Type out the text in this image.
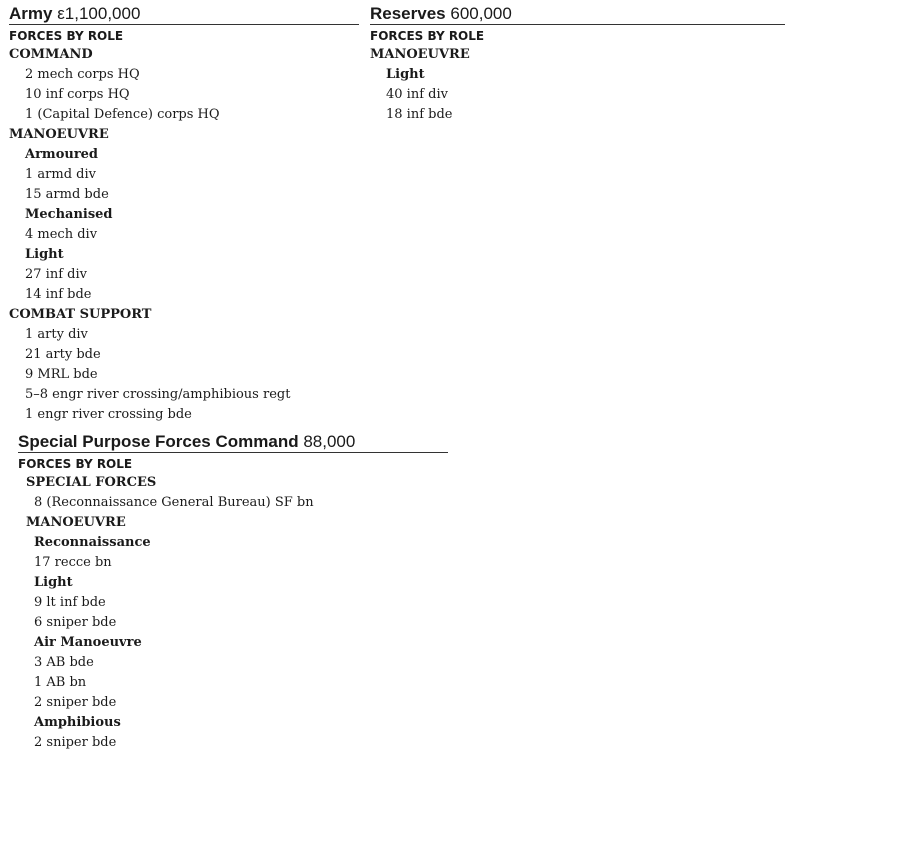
Army ε1,100,000
FORCES BY ROLE
COMMAND
2 mech corps HQ
10 inf corps HQ
1 (Capital Defence) corps HQ
MANOEUVRE
Armoured
1 armd div
15 armd bde
Mechanised
4 mech div
Light
27 inf div
14 inf bde
COMBAT SUPPORT
1 arty div
21 arty bde
9 MRL bde
5–8 engr river crossing/amphibious regt
1 engr river crossing bde
Special Purpose Forces Command 88,000
FORCES BY ROLE
SPECIAL FORCES
8 (Reconnaissance General Bureau) SF bn
MANOEUVRE
Reconnaissance
17 recce bn
Light
9 lt inf bde
6 sniper bde
Air Manoeuvre
3 AB bde
1 AB bn
2 sniper bde
Amphibious
2 sniper bde
Reserves 600,000
FORCES BY ROLE
MANOEUVRE
Light
40 inf div
18 inf bde
